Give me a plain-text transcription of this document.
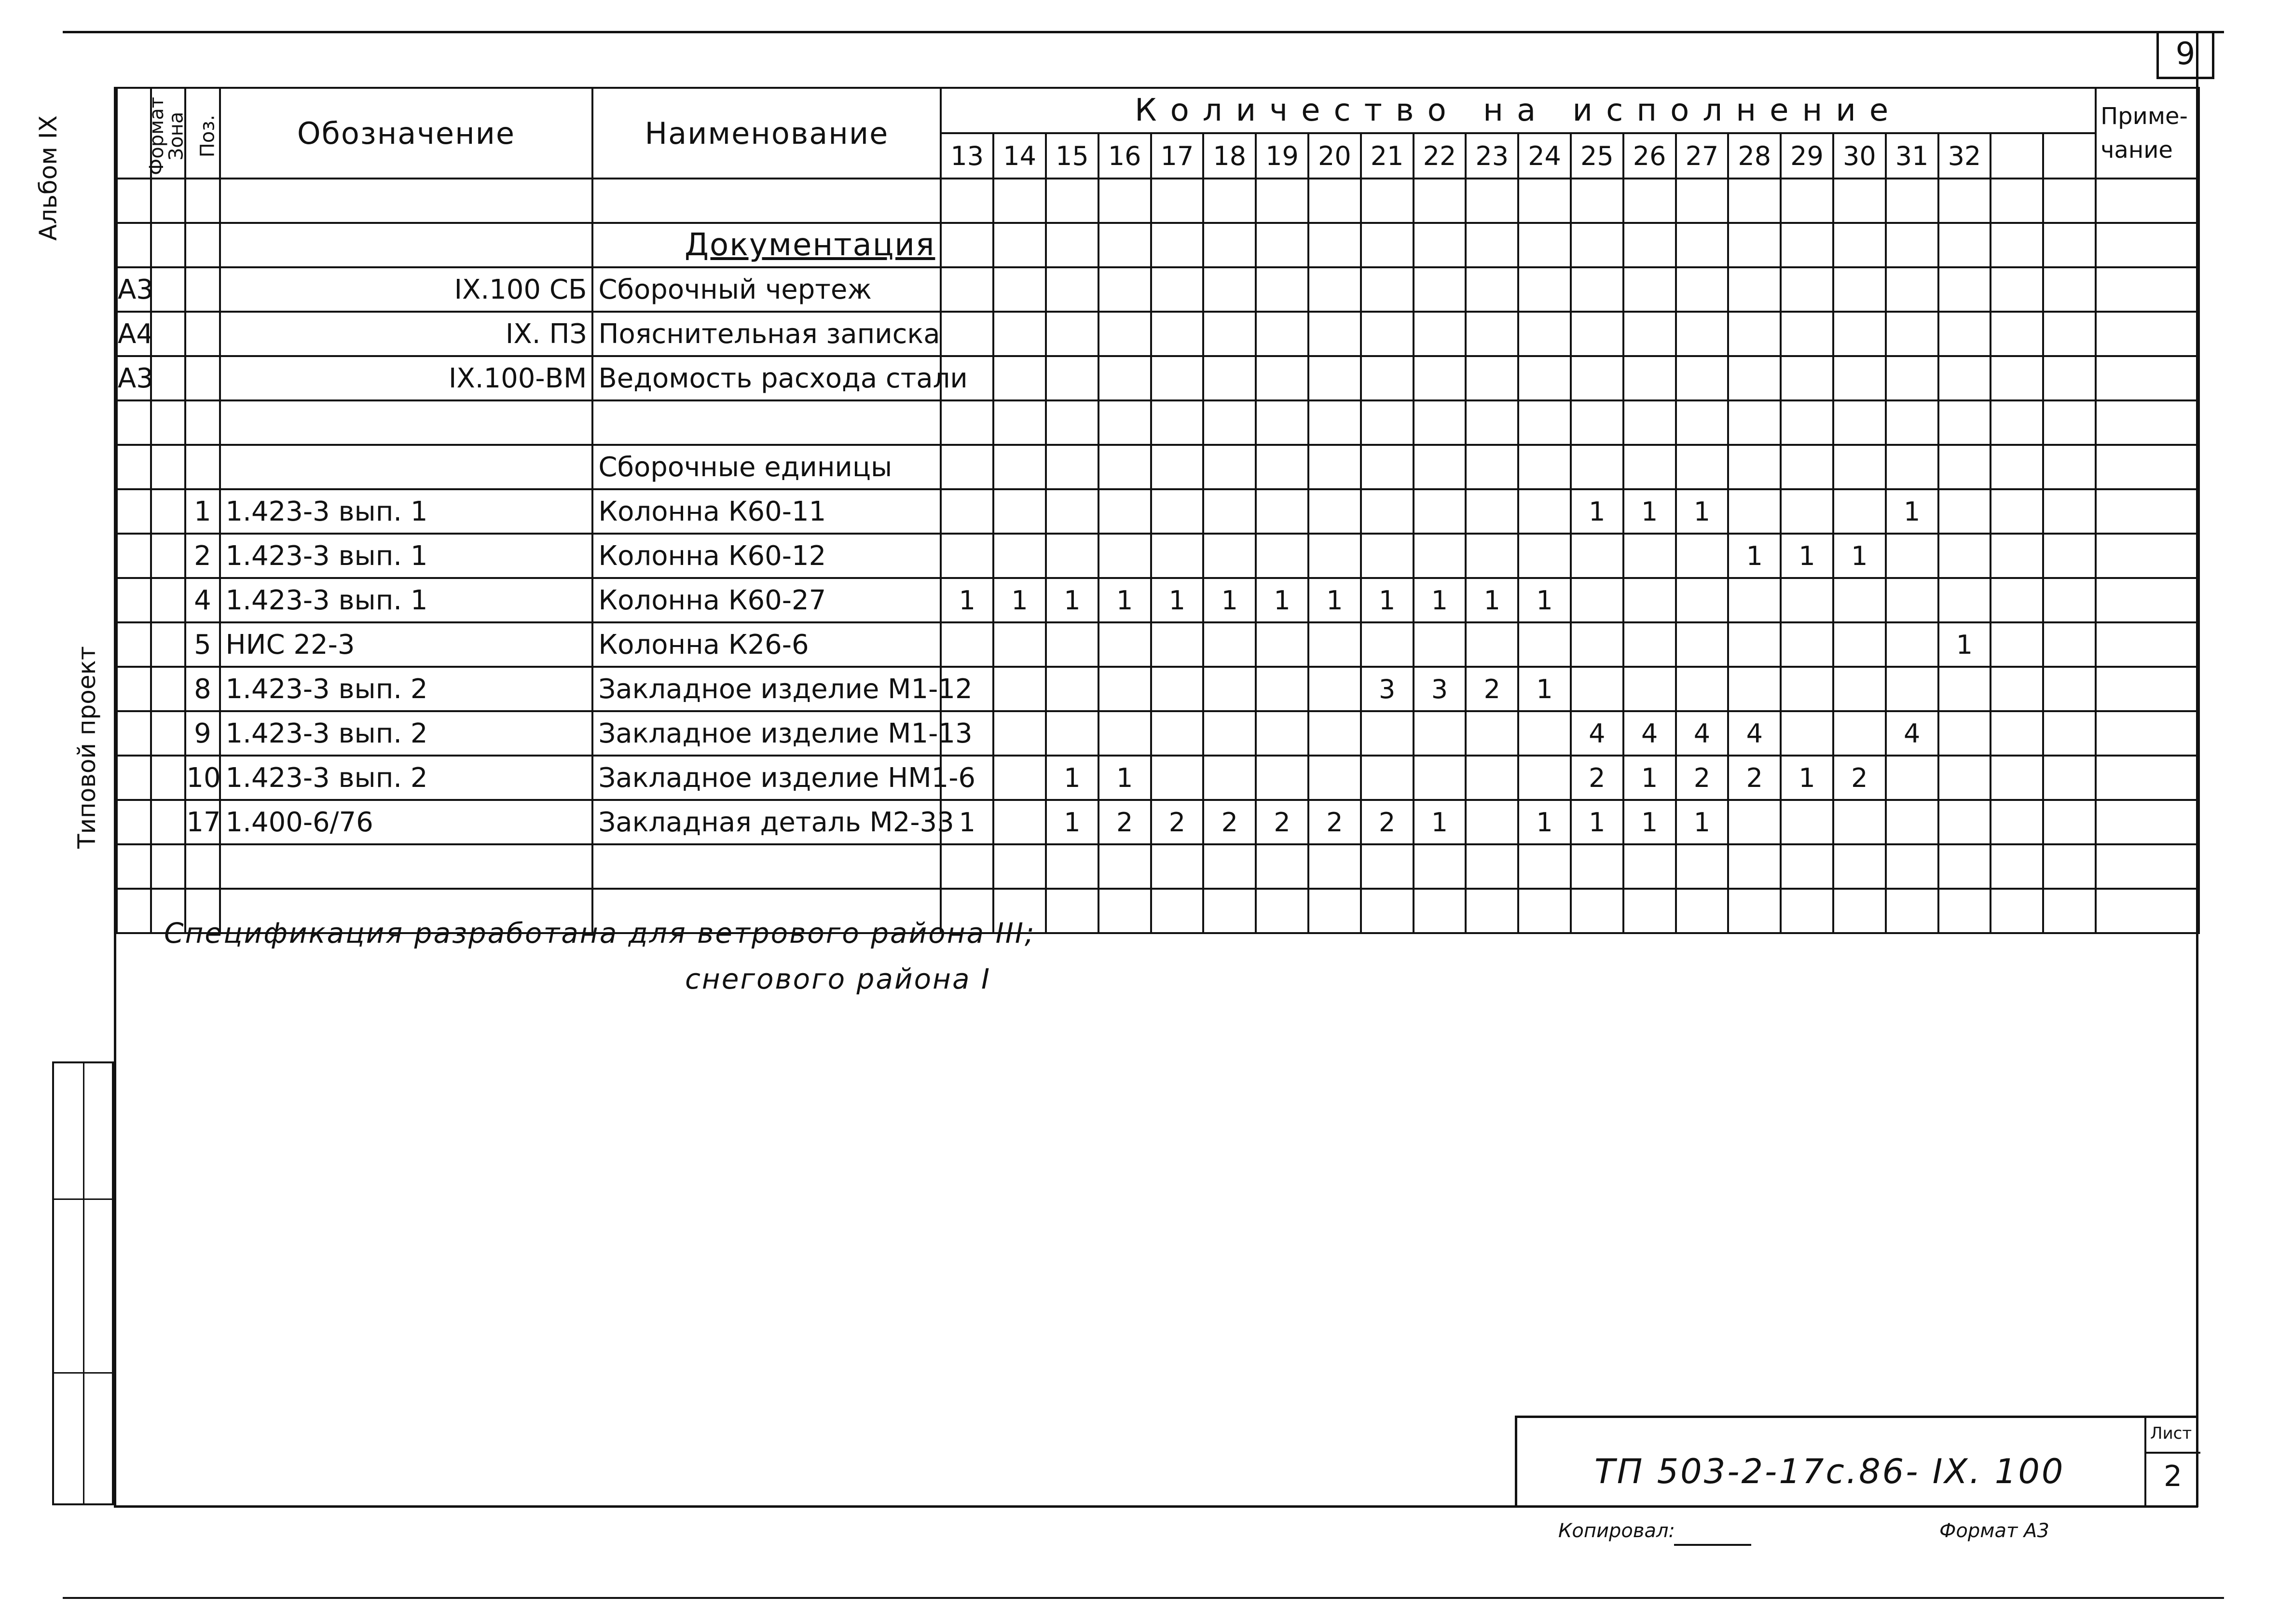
9
Альбом IX
Типовой проект
Формат	Зона	Поз.	Обозначение	Наименование	Количество на исполнение																						Приме-чание
					13	14	15	16	17	18	19	20	21	22	23	24	25	26	27	28	29	30	31	32			

				Документация																							
А3			IX.100 СБ	Сборочный чертеж																							
А4			IX. ПЗ	Пояснительная записка																							
А3			IX.100-ВМ	Ведомость расхода стали																							

				Сборочные единицы																							
		1	1.423-3 вып. 1	Колонна К60-11													1	1	1				1				
		2	1.423-3 вып. 1	Колонна К60-12																1	1	1					
		4	1.423-3 вып. 1	Колонна К60-27	1	1	1	1	1	1	1	1	1	1	1	1											
		5	НИС 22-3	Колонна К26-6																				1			
		8	1.423-3 вып. 2	Закладное изделие М1-12									3	3	2	1											
		9	1.423-3 вып. 2	Закладное изделие М1-13													4	4	4	4			4				
		10	1.423-3 вып. 2	Закладное изделие НМ1-6			1	1									2	1	2	2	1	2					
		17	1.400-6/76	Закладная деталь М2-33	1		1	2	2	2	2	2	2	1		1	1	1	1								

Спецификация разработана для ветрового района III;
снегового района I
ТП 503-2-17с.86- IX. 100
Лист
2
Копировал:	Формат А3
